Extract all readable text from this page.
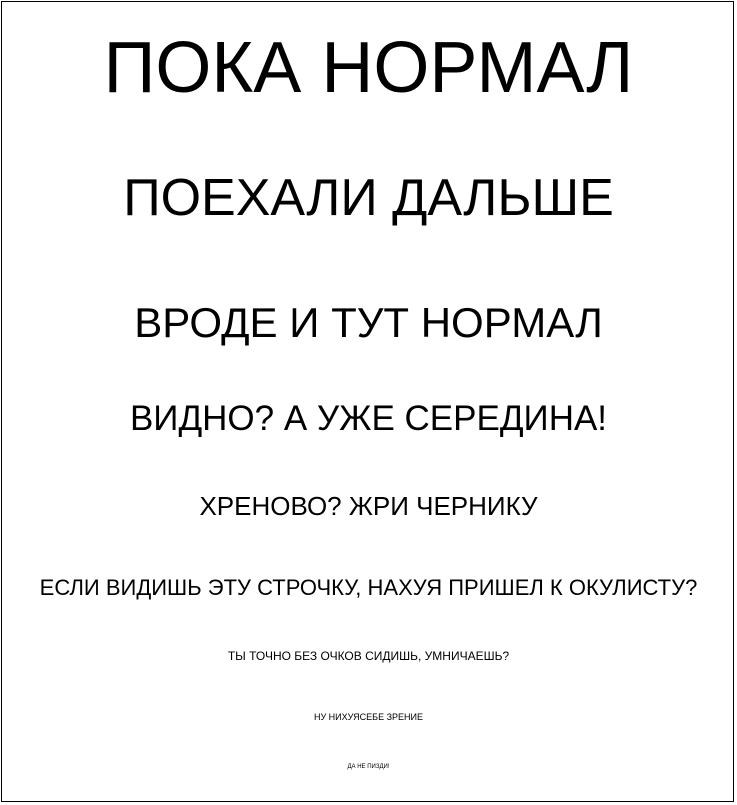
ПОКА НОРМАЛ
ПОЕХАЛИ ДАЛЬШЕ
ВРОДЕ И ТУТ НОРМАЛ
ВИДНО? А УЖЕ СЕРЕДИНА!
ХРЕНОВО? ЖРИ ЧЕРНИКУ
ЕСЛИ ВИДИШЬ ЭТУ СТРОЧКУ, НАХУЯ ПРИШЕЛ К ОКУЛИСТУ?
ТЫ ТОЧНО БЕЗ ОЧКОВ СИДИШЬ, УМНИЧАЕШЬ?
НУ НИХУЯСЕБЕ ЗРЕНИЕ
ДА НЕ ПИЗДИ!
